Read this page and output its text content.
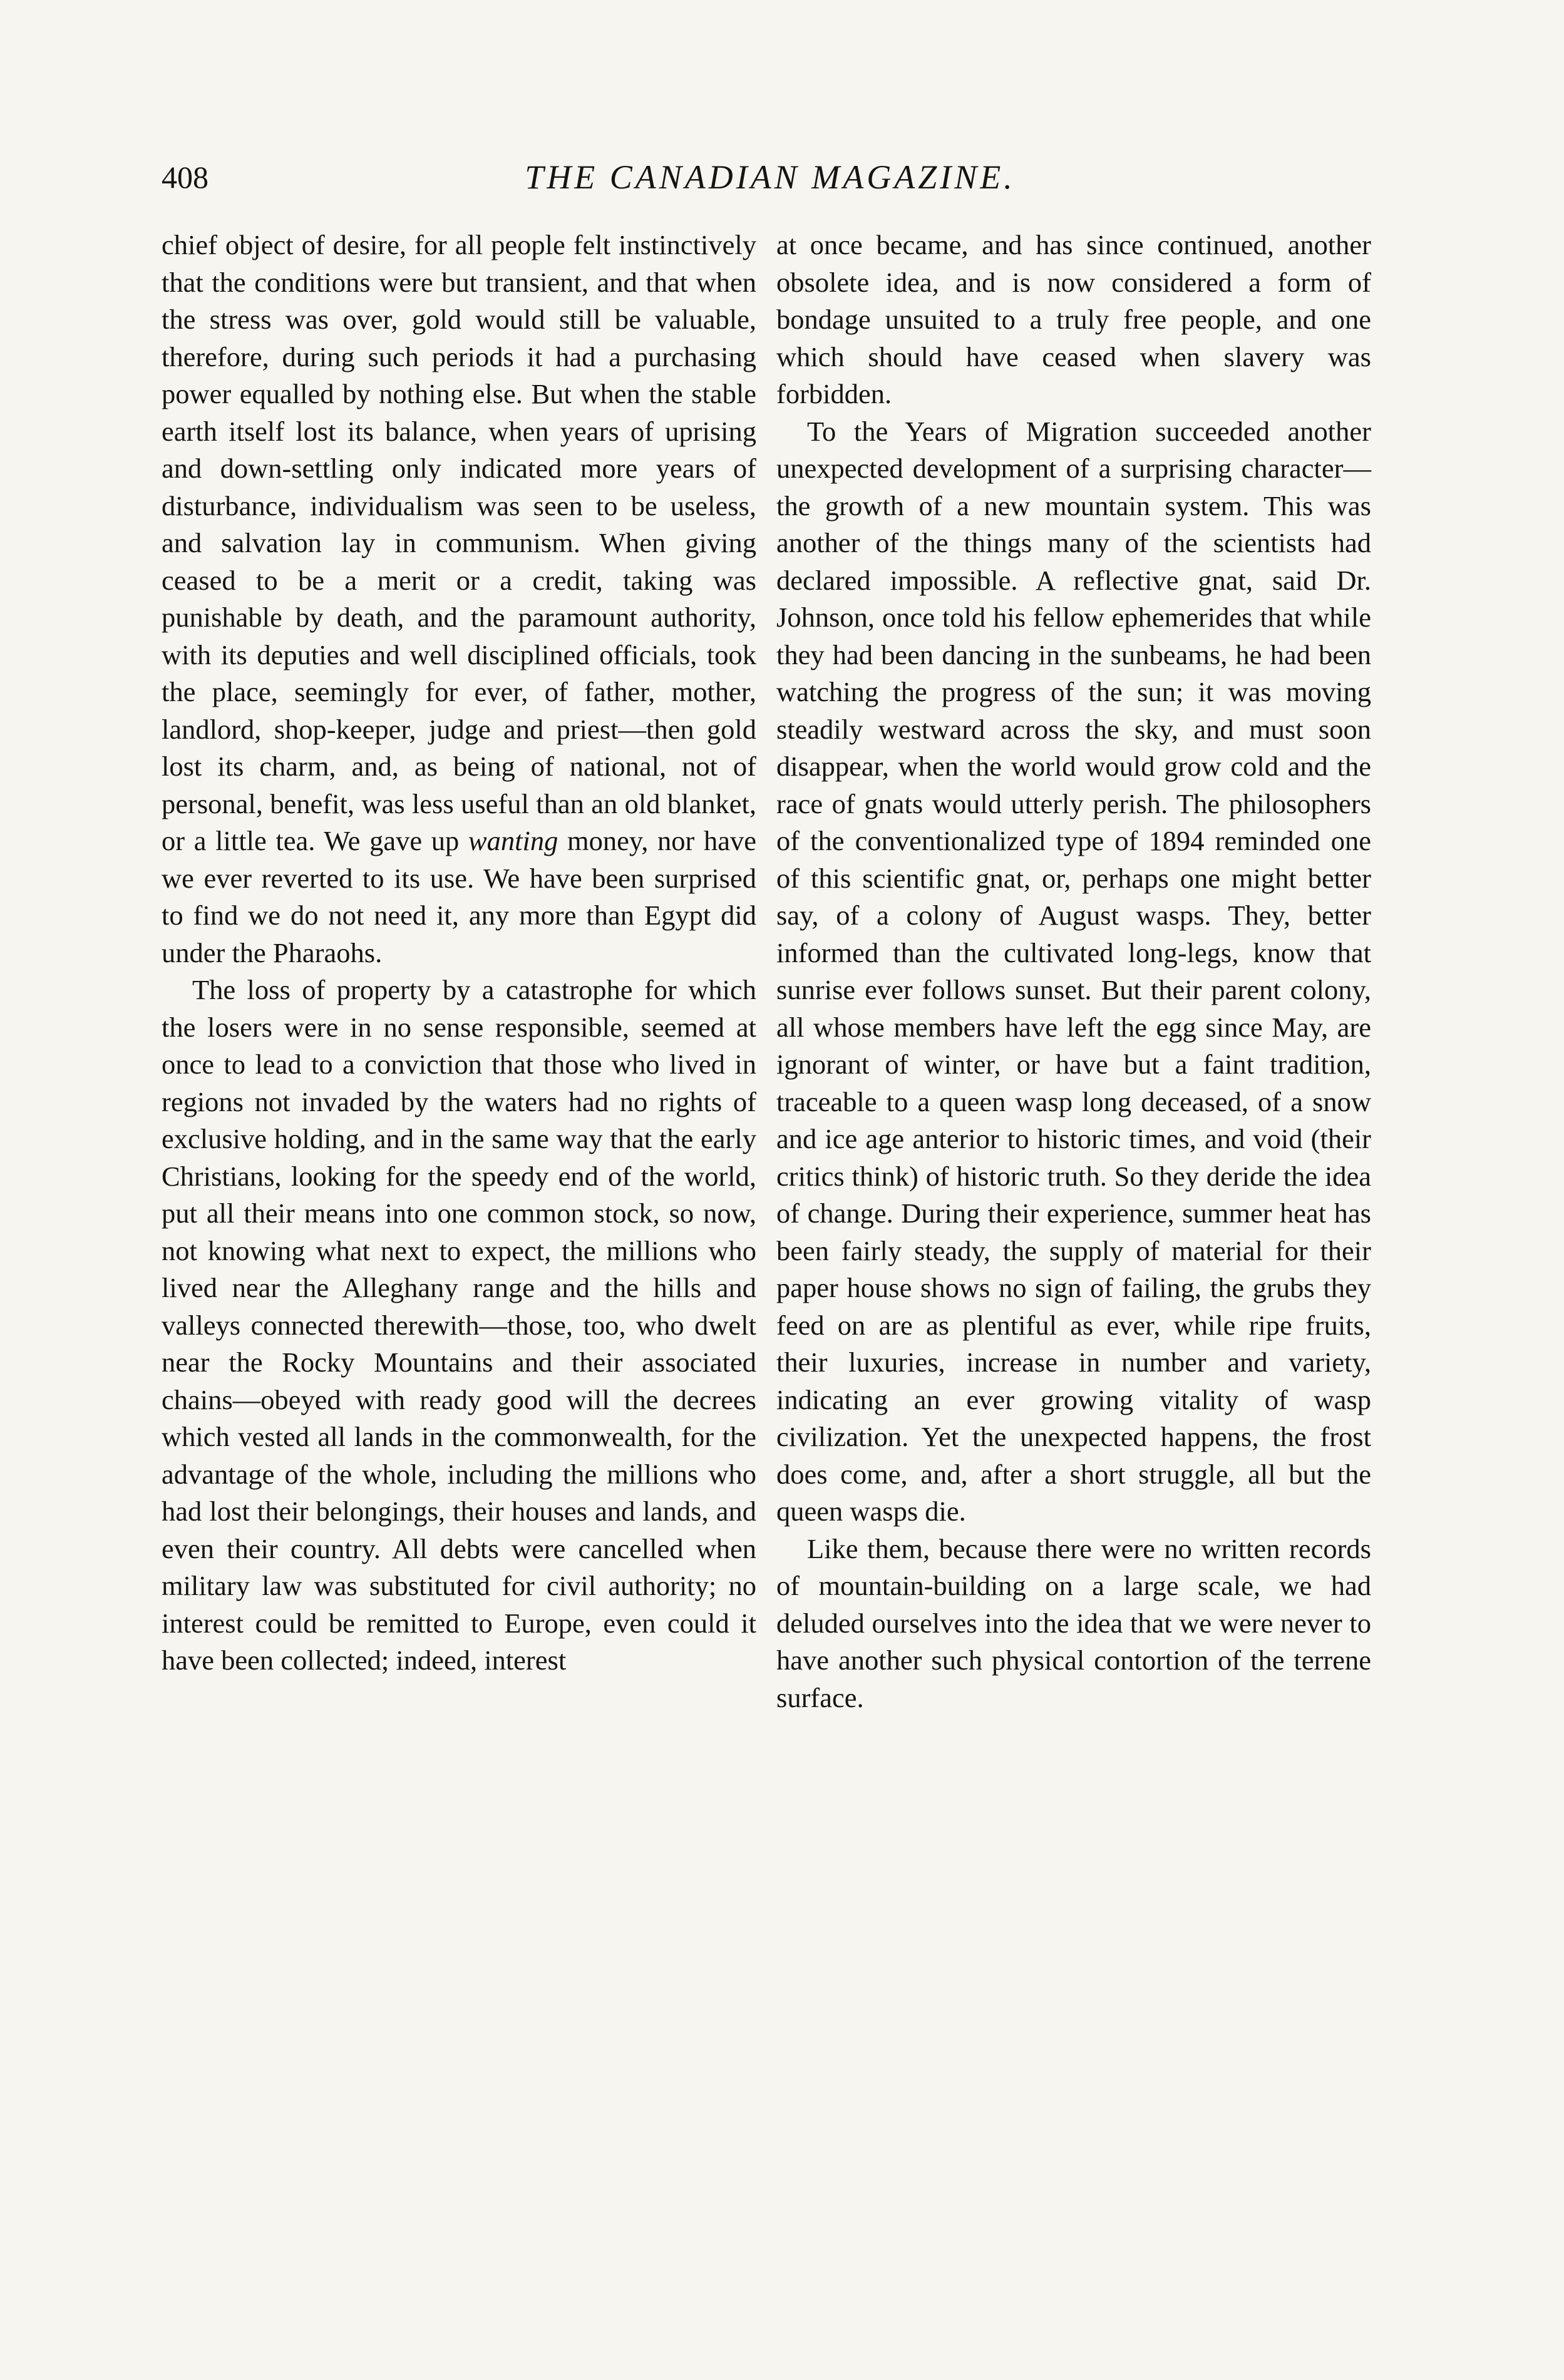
408	THE CANADIAN MAGAZINE.

chief object of desire, for all people felt instinctively that the conditions were but transient, and that when the stress was over, gold would still be valuable, therefore, during such periods it had a purchasing power equalled by nothing else. But when the stable earth itself lost its balance, when years of uprising and down-settling only indicated more years of disturbance, individualism was seen to be useless, and salvation lay in communism. When giving ceased to be a merit or a credit, taking was punishable by death, and the paramount authority, with its deputies and well disciplined officials, took the place, seemingly for ever, of father, mother, landlord, shop-keeper, judge and priest—then gold lost its charm, and, as being of national, not of personal, benefit, was less useful than an old blanket, or a little tea. We gave up wanting money, nor have we ever reverted to its use. We have been surprised to find we do not need it, any more than Egypt did under the Pharaohs.

The loss of property by a catastrophe for which the losers were in no sense responsible, seemed at once to lead to a conviction that those who lived in regions not invaded by the waters had no rights of exclusive holding, and in the same way that the early Christians, looking for the speedy end of the world, put all their means into one common stock, so now, not knowing what next to expect, the millions who lived near the Alleghany range and the hills and valleys connected therewith—those, too, who dwelt near the Rocky Mountains and their associated chains—obeyed with ready good will the decrees which vested all lands in the commonwealth, for the advantage of the whole, including the millions who had lost their belongings, their houses and lands, and even their country. All debts were cancelled when military law was substituted for civil authority; no interest could be remitted to Europe, even could it have been collected; indeed, interest

at once became, and has since continued, another obsolete idea, and is now considered a form of bondage unsuited to a truly free people, and one which should have ceased when slavery was forbidden.

To the Years of Migration succeeded another unexpected development of a surprising character—the growth of a new mountain system. This was another of the things many of the scientists had declared impossible. A reflective gnat, said Dr. Johnson, once told his fellow ephemerides that while they had been dancing in the sunbeams, he had been watching the progress of the sun; it was moving steadily westward across the sky, and must soon disappear, when the world would grow cold and the race of gnats would utterly perish. The philosophers of the conventionalized type of 1894 reminded one of this scientific gnat, or, perhaps one might better say, of a colony of August wasps. They, better informed than the cultivated long-legs, know that sunrise ever follows sunset. But their parent colony, all whose members have left the egg since May, are ignorant of winter, or have but a faint tradition, traceable to a queen wasp long deceased, of a snow and ice age anterior to historic times, and void (their critics think) of historic truth. So they deride the idea of change. During their experience, summer heat has been fairly steady, the supply of material for their paper house shows no sign of failing, the grubs they feed on are as plentiful as ever, while ripe fruits, their luxuries, increase in number and variety, indicating an ever growing vitality of wasp civilization. Yet the unexpected happens, the frost does come, and, after a short struggle, all but the queen wasps die.

Like them, because there were no written records of mountain-building on a large scale, we had deluded ourselves into the idea that we were never to have another such physical contortion of the terrene surface.
